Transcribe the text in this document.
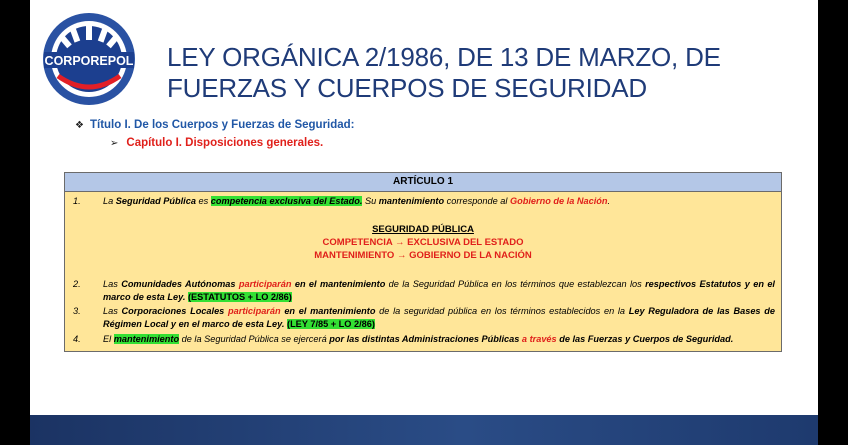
CORPOREPOL LEY ORGÁNICA 2/1986, DE 13 DE MARZO, DE
FUERZAS Y CUERPOS DE SEGURIDAD
❖ Título I. De los Cuerpos y Fuerzas de Seguridad:
➢ Capítulo I. Disposiciones generales.
ARTÍCULO 1
1.	La Seguridad Pública es competencia exclusiva del Estado. Su mantenimiento corresponde al Gobierno de la Nación.
SEGURIDAD PÚBLICA
COMPETENCIA → EXCLUSIVA DEL ESTADO
MANTENIMIENTO → GOBIERNO DE LA NACIÓN
2.	Las Comunidades Autónomas participarán en el mantenimiento de la Seguridad Pública en los términos que establezcan los respectivos Estatutos y en el marco de esta Ley. (ESTATUTOS + LO 2/86)
3.	Las Corporaciones Locales participarán en el mantenimiento de la seguridad pública en los términos establecidos en la Ley Reguladora de las Bases de Régimen Local y en el marco de esta Ley. (LEY 7/85 + LO 2/86)
4.	El mantenimiento de la Seguridad Pública se ejercerá por las distintas Administraciones Públicas a través de las Fuerzas y Cuerpos de Seguridad.
